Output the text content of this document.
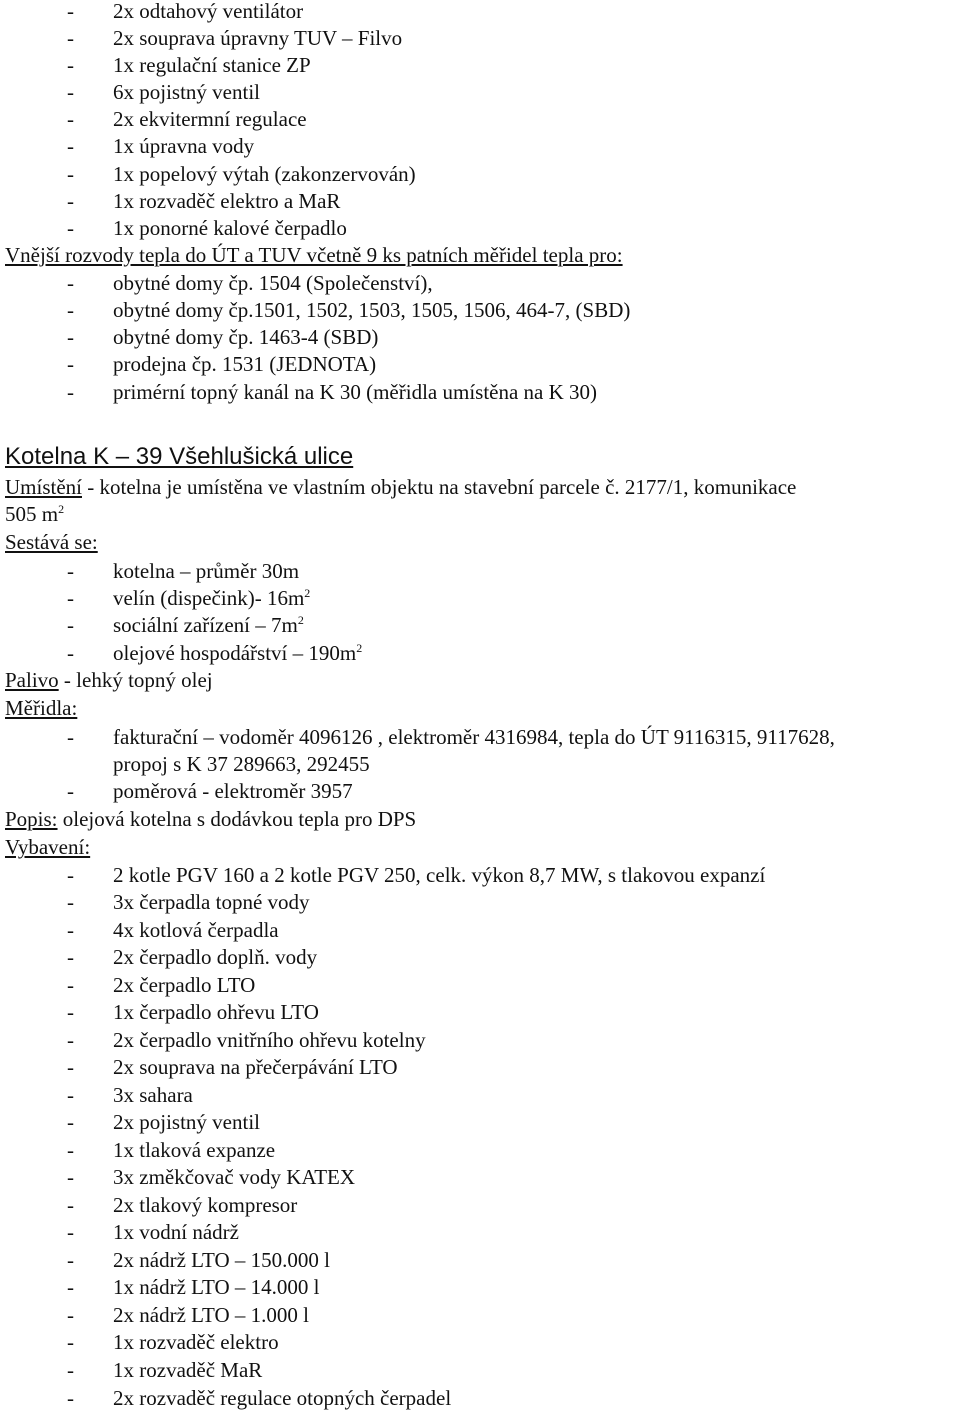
- 2x odtahový ventilátor
- 2x souprava úpravny TUV – Filvo
- 1x regulační stanice ZP
- 6x pojistný ventil
- 2x ekvitermní regulace
- 1x úpravna vody
- 1x popelový výtah (zakonzervován)
- 1x rozvaděč elektro a MaR
- 1x ponorné kalové čerpadlo
Vnější rozvody tepla do ÚT a TUV včetně 9 ks patních měřidel tepla pro:
- obytné domy čp. 1504 (Společenství),
- obytné domy čp.1501, 1502, 1503, 1505, 1506, 464-7, (SBD)
- obytné domy čp. 1463-4 (SBD)
- prodejna čp. 1531 (JEDNOTA)
- primérní topný kanál na K 30 (měřidla umístěna na K 30)
Kotelna K – 39 Všehlušická ulice
Umístění - kotelna je umístěna ve vlastním objektu na stavební parcele č. 2177/1, komunikace
505 $m^2$
Sestává se:
- kotelna – průměr 30m
- velín (dispečink)- $16m^2$
- sociální zařízení – $7m^2$
- olejové hospodářství – $190m^2$
Palivo - lehký topný olej
Měřidla:
- fakturační – vodoměr 4096126 , elektroměr 4316984, tepla do ÚT 9116315, 9117628,
propoj s K 37 289663, 292455
- poměrová - elektroměr 3957
Popis: olejová kotelna s dodávkou tepla pro DPS
Vybavení:
- 2 kotle PGV 160 a 2 kotle PGV 250, celk. výkon 8,7 MW, s tlakovou expanzí
- 3x čerpadla topné vody
- 4x kotlová čerpadla
- 2x čerpadlo doplň. vody
- 2x čerpadlo LTO
- 1x čerpadlo ohřevu LTO
- 2x čerpadlo vnitřního ohřevu kotelny
- 2x souprava na přečerpávání LTO
- 3x sahara
- 2x pojistný ventil
- 1x tlaková expanze
- 3x změkčovač vody KATEX
- 2x tlakový kompresor
- 1x vodní nádrž
- 2x nádrž LTO – 150.000 l
- 1x nádrž LTO – 14.000 l
- 2x nádrž LTO – 1.000 l
- 1x rozvaděč elektro
- 1x rozvaděč MaR
- 2x rozvaděč regulace otopných čerpadel
